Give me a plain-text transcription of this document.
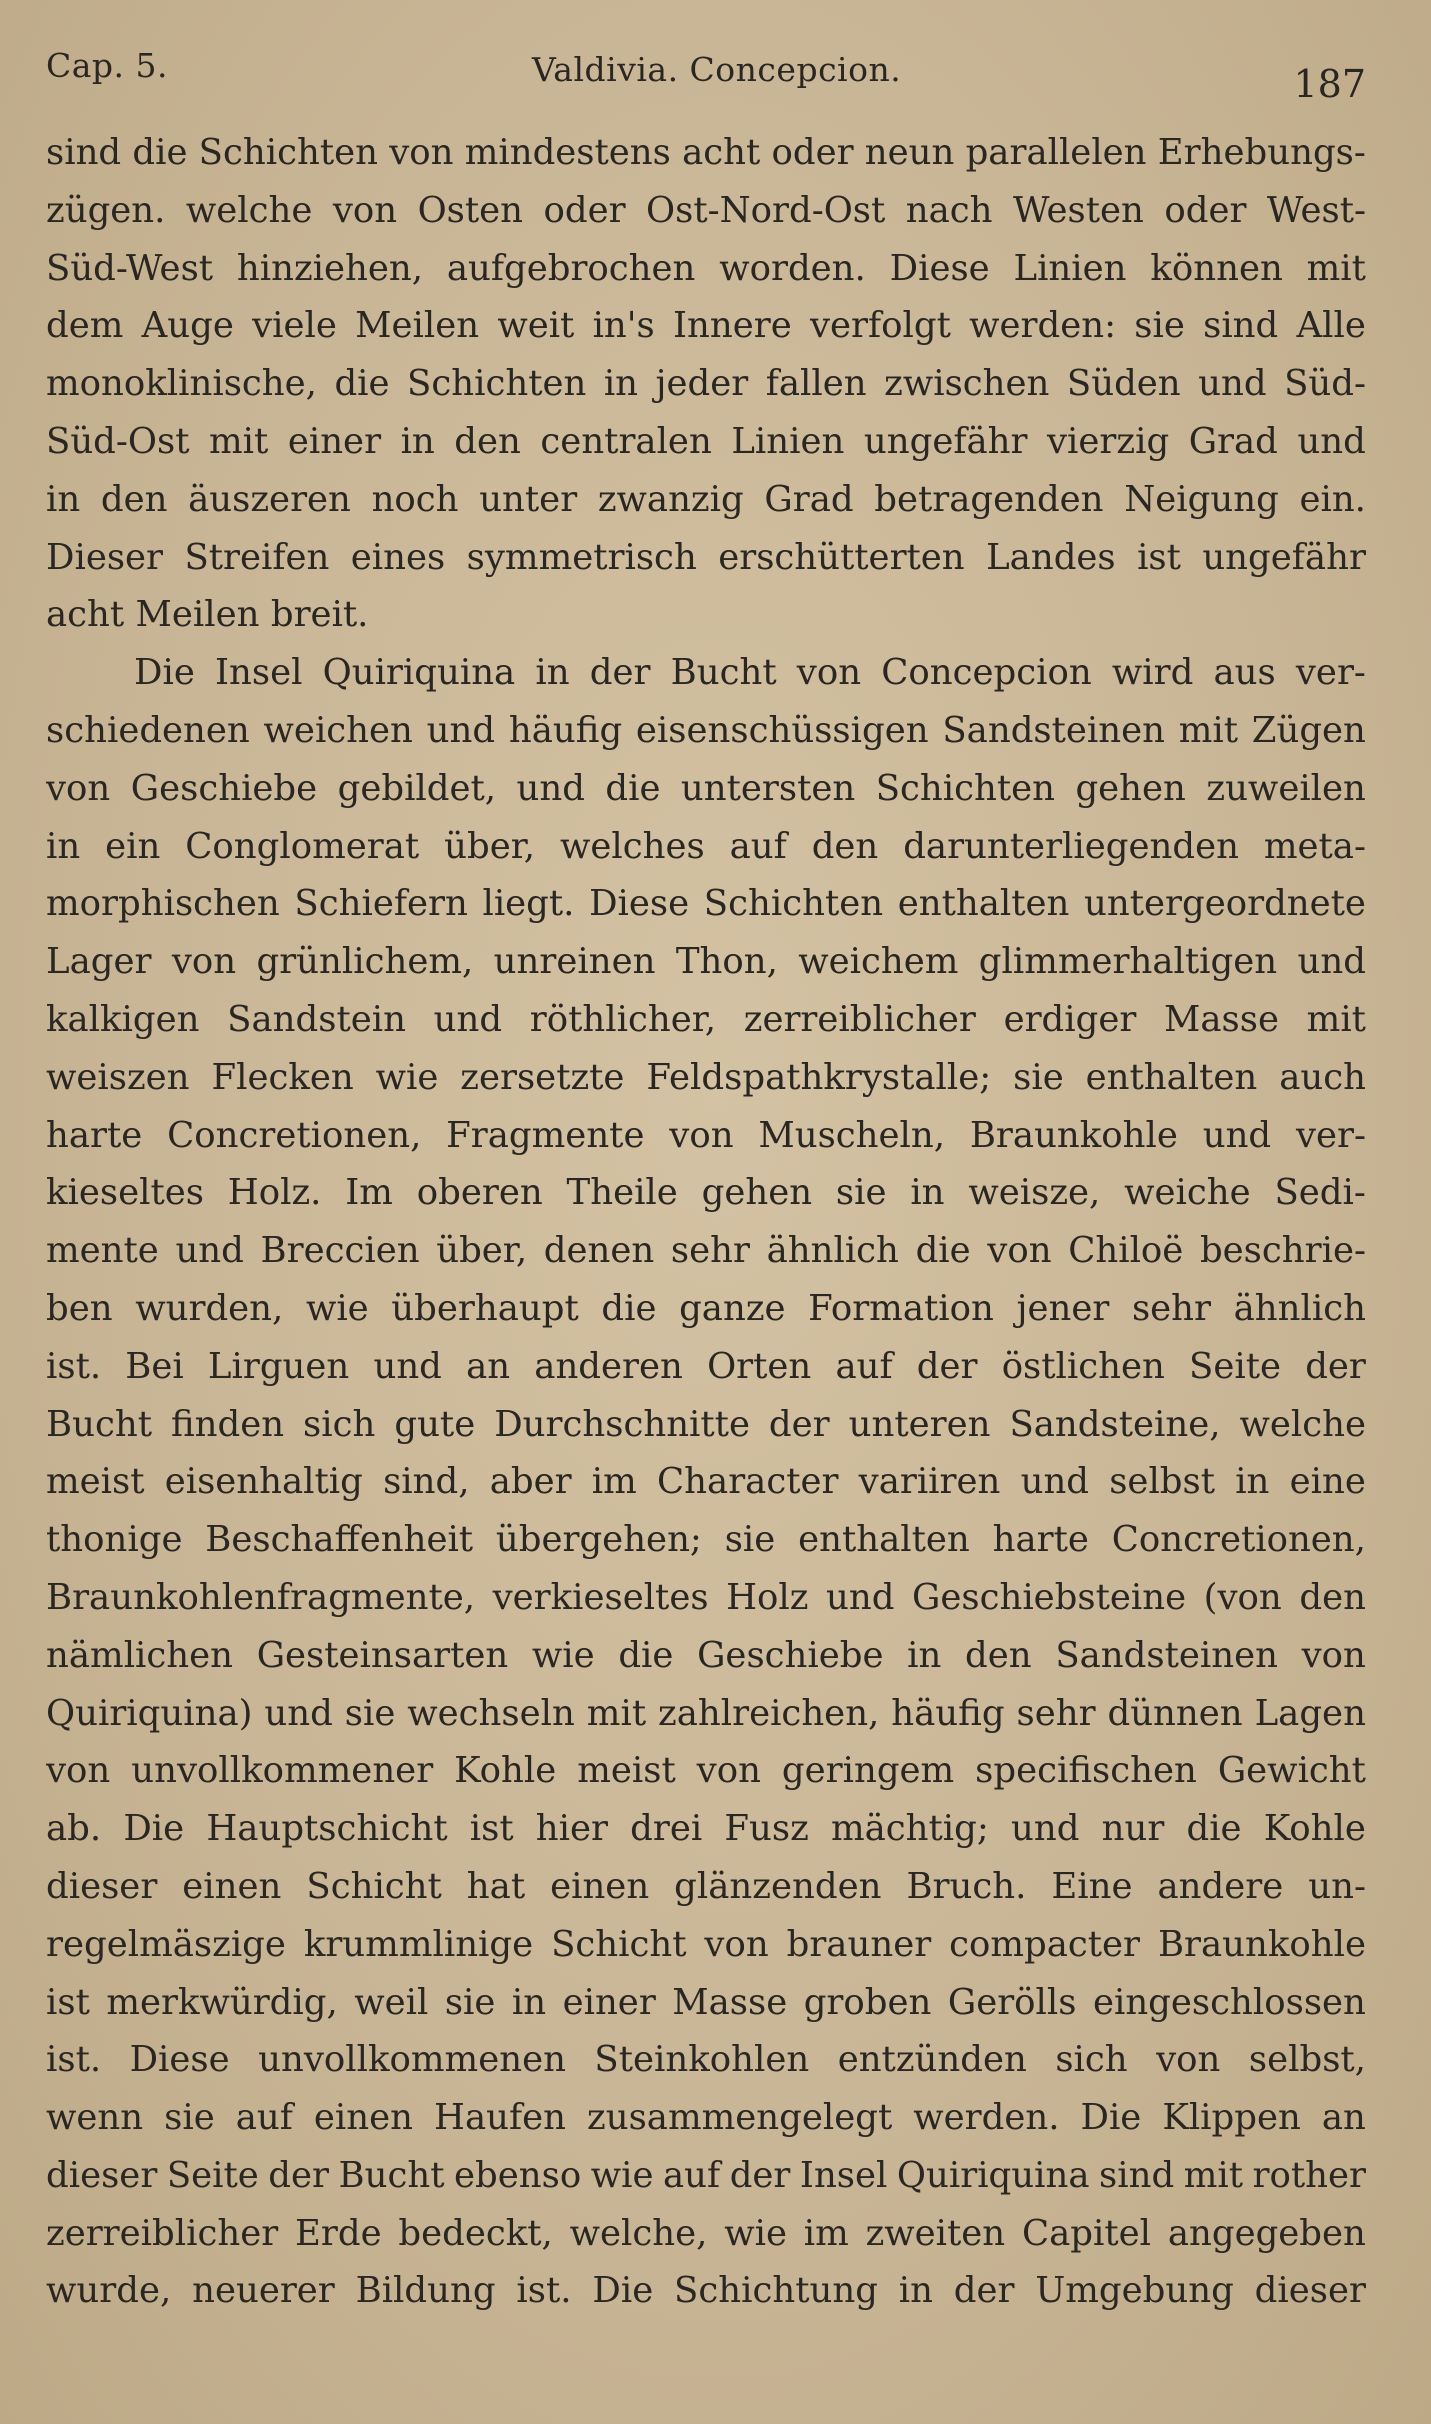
Cap. 5.	Valdivia. Concepcion.	187
sind die Schichten von mindestens acht oder neun parallelen Erhebungs-
zügen. welche von Osten oder Ost-Nord-Ost nach Westen oder West-
Süd-West hinziehen, aufgebrochen worden. Diese Linien können mit
dem Auge viele Meilen weit in's Innere verfolgt werden: sie sind Alle
monoklinische, die Schichten in jeder fallen zwischen Süden und Süd-
Süd-Ost mit einer in den centralen Linien ungefähr vierzig Grad und
in den äuszeren noch unter zwanzig Grad betragenden Neigung ein.
Dieser Streifen eines symmetrisch erschütterten Landes ist ungefähr
acht Meilen breit.
Die Insel Quiriquina in der Bucht von Concepcion wird aus ver-
schiedenen weichen und häufig eisenschüssigen Sandsteinen mit Zügen
von Geschiebe gebildet, und die untersten Schichten gehen zuweilen
in ein Conglomerat über, welches auf den darunterliegenden meta-
morphischen Schiefern liegt. Diese Schichten enthalten untergeordnete
Lager von grünlichem, unreinen Thon, weichem glimmerhaltigen und
kalkigen Sandstein und röthlicher, zerreiblicher erdiger Masse mit
weiszen Flecken wie zersetzte Feldspathkrystalle; sie enthalten auch
harte Concretionen, Fragmente von Muscheln, Braunkohle und ver-
kieseltes Holz. Im oberen Theile gehen sie in weisze, weiche Sedi-
mente und Breccien über, denen sehr ähnlich die von Chiloë beschrie-
ben wurden, wie überhaupt die ganze Formation jener sehr ähnlich
ist. Bei Lirguen und an anderen Orten auf der östlichen Seite der
Bucht finden sich gute Durchschnitte der unteren Sandsteine, welche
meist eisenhaltig sind, aber im Character variiren und selbst in eine
thonige Beschaffenheit übergehen; sie enthalten harte Concretionen,
Braunkohlenfragmente, verkieseltes Holz und Geschiebsteine (von den
nämlichen Gesteinsarten wie die Geschiebe in den Sandsteinen von
Quiriquina) und sie wechseln mit zahlreichen, häufig sehr dünnen Lagen
von unvollkommener Kohle meist von geringem specifischen Gewicht
ab. Die Hauptschicht ist hier drei Fusz mächtig; und nur die Kohle
dieser einen Schicht hat einen glänzenden Bruch. Eine andere un-
regelmäszige krummlinige Schicht von brauner compacter Braunkohle
ist merkwürdig, weil sie in einer Masse groben Gerölls eingeschlossen
ist. Diese unvollkommenen Steinkohlen entzünden sich von selbst,
wenn sie auf einen Haufen zusammengelegt werden. Die Klippen an
dieser Seite der Bucht ebenso wie auf der Insel Quiriquina sind mit rother
zerreiblicher Erde bedeckt, welche, wie im zweiten Capitel angegeben
wurde, neuerer Bildung ist. Die Schichtung in der Umgebung dieser
